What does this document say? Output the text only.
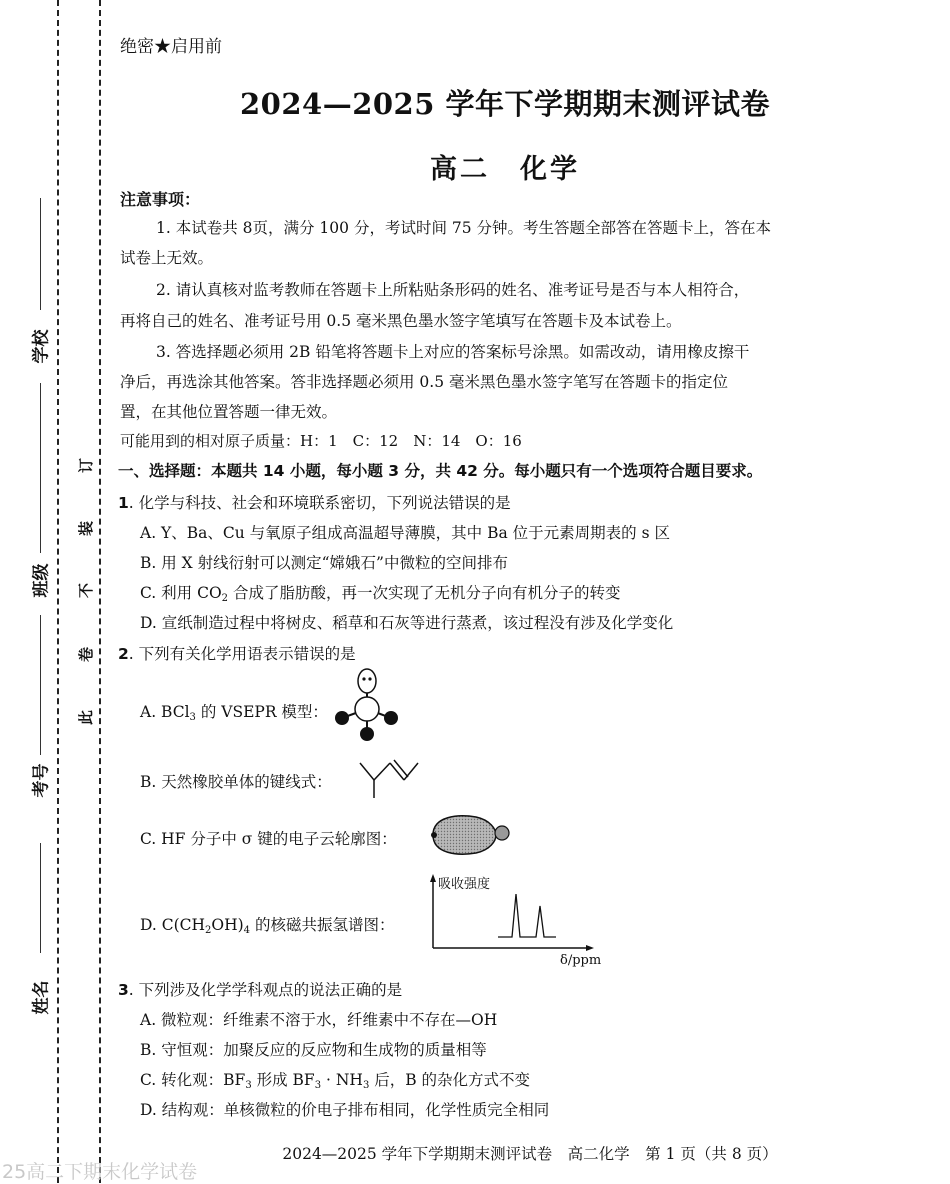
学校
班级
考号
姓名
订
装
不
卷
此
绝密★启用前
2024—2025 学年下学期期末测评试卷
高二　化学
注意事项：
1. 本试卷共 8页，满分 100 分，考试时间 75 分钟。考生答题全部答在答题卡上，答在本
试卷上无效。
2. 请认真核对监考教师在答题卡上所粘贴条形码的姓名、准考证号是否与本人相符合，
再将自己的姓名、准考证号用 0.5 毫米黑色墨水签字笔填写在答题卡及本试卷上。
3. 答选择题必须用 2B 铅笔将答题卡上对应的答案标号涂黑。如需改动，请用橡皮擦干
净后，再选涂其他答案。答非选择题必须用 0.5 毫米黑色墨水签字笔写在答题卡的指定位
置，在其他位置答题一律无效。
可能用到的相对原子质量：H：1　C：12　N：14　O：16
一、选择题：本题共 14 小题，每小题 3 分，共 42 分。每小题只有一个选项符合题目要求。
1. 化学与科技、社会和环境联系密切，下列说法错误的是
A. Y、Ba、Cu 与氧原子组成高温超导薄膜，其中 Ba 位于元素周期表的 s 区
B. 用 X 射线衍射可以测定“嫦娥石”中微粒的空间排布
C. 利用 $CO_2$ 合成了脂肪酸，再一次实现了无机分子向有机分子的转变
D. 宣纸制造过程中将树皮、稻草和石灰等进行蒸煮，该过程没有涉及化学变化
2. 下列有关化学用语表示错误的是
A. BCl$_3$ 的 VSEPR 模型：
B. 天然橡胶单体的键线式：
C. HF 分子中 σ 键的电子云轮廓图：
D. $C(CH_2OH)_4$ 的核磁共振氢谱图：
吸收强度
δ/ppm
3. 下列涉及化学学科观点的说法正确的是
A. 微粒观：纤维素不溶于水，纤维素中不存在—OH
B. 守恒观：加聚反应的反应物和生成物的质量相等
C. 转化观：$BF_3$ 形成 $BF_3 \cdot NH_3$ 后，B 的杂化方式不变
D. 结构观：单核微粒的价电子排布相同，化学性质完全相同
2024—2025 学年下学期期末测评试卷　高二化学　第 1 页（共 8 页）
25高二下期末化学试卷
